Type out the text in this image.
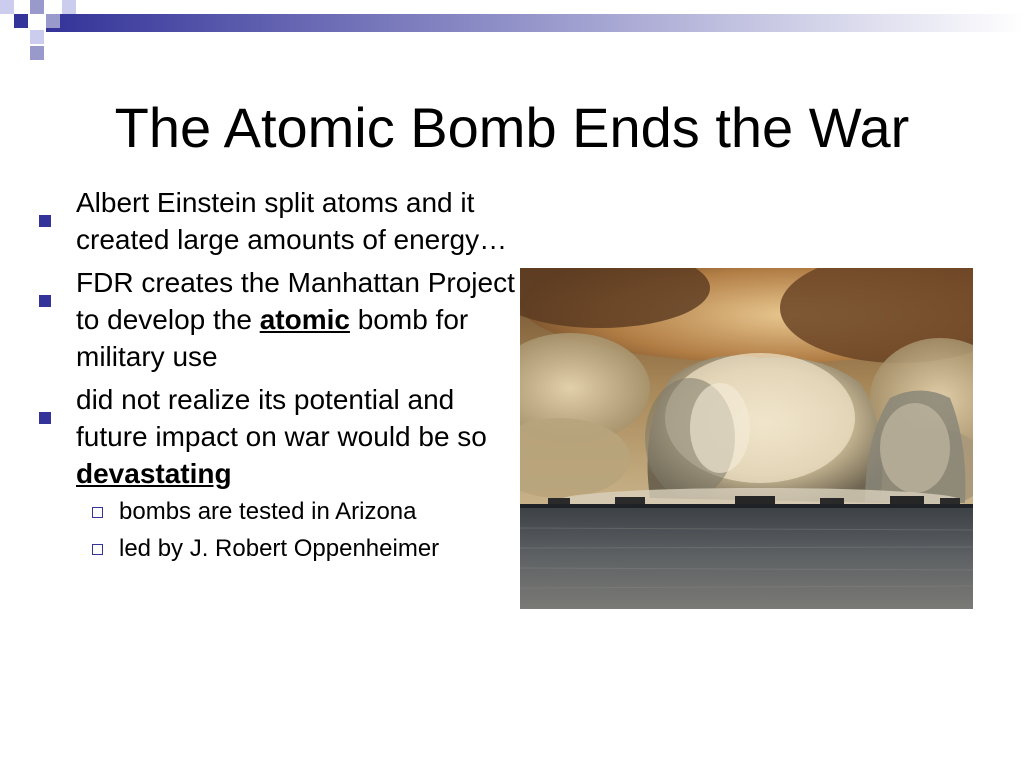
The Atomic Bomb Ends the War
Albert Einstein split atoms and it created large amounts of energy…
FDR creates the Manhattan Project to develop the atomic bomb for military use
did not realize its potential and future impact on war would be so devastating
bombs are tested in Arizona
led by J. Robert Oppenheimer
